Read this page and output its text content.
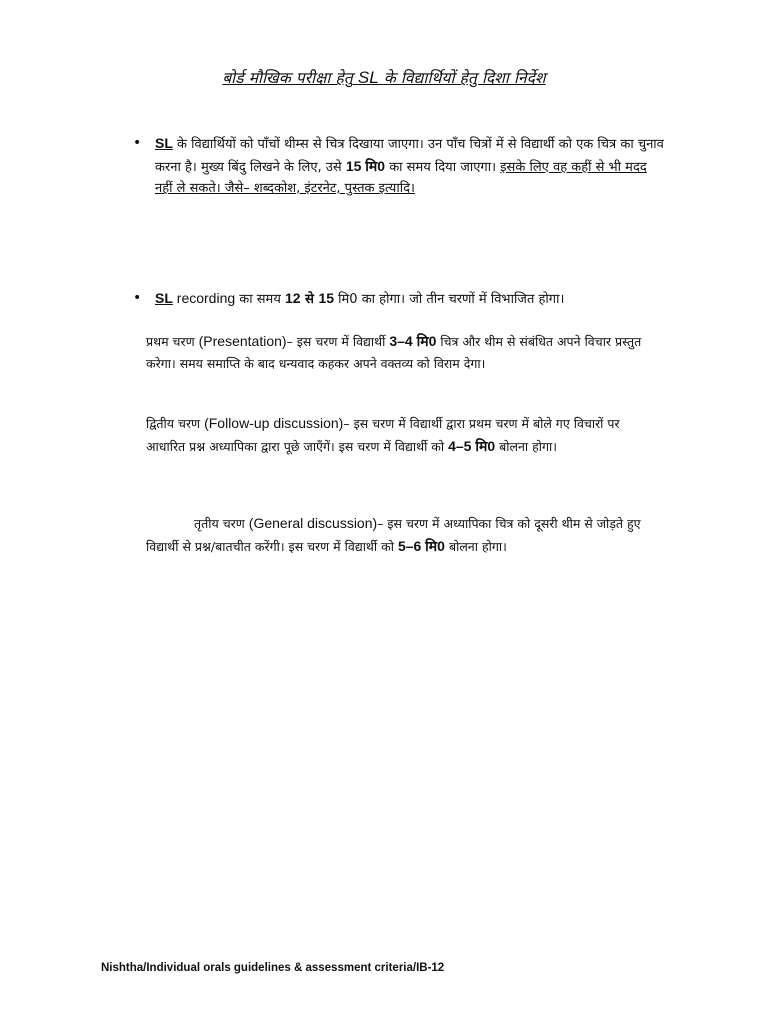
बोर्ड मौखिक परीक्षा हेतु SL के विद्यार्थियों हेतु दिशा निर्देश
• SL के विद्यार्थियों को पाँचों थीम्स से चित्र दिखाया जाएगा। उन पाँच चित्रों में से विद्यार्थी को एक चित्र का चुनाव करना है। मुख्य बिंदु लिखने के लिए, उसे 15 मि0 का समय दिया जाएगा। इसके लिए वह कहीं से भी मदद नहीं ले सकते। जैसे– शब्दकोश, इंटरनेट, पुस्तक इत्यादि।
• SL recording का समय 12 से 15 मि0 का होगा। जो तीन चरणों में विभाजित होगा।
प्रथम चरण (Presentation)– इस चरण में विद्यार्थी 3–4 मि0 चित्र और थीम से संबंधित अपने विचार प्रस्तुत करेगा। समय समाप्ति के बाद धन्यवाद कहकर अपने वक्तव्य को विराम देगा।
द्वितीय चरण (Follow-up discussion)– इस चरण में विद्यार्थी द्वारा प्रथम चरण में बोले गए विचारों पर आधारित प्रश्न अध्यापिका द्वारा पूछे जाएँगें। इस चरण में विद्यार्थी को 4–5 मि0 बोलना होगा।
तृतीय चरण (General discussion)– इस चरण में अध्यापिका चित्र को दूसरी थीम से जोड़ते हुए विद्यार्थी से प्रश्न/बातचीत करेंगी। इस चरण में विद्यार्थी को 5–6 मि0 बोलना होगा।
Nishtha/Individual orals guidelines & assessment criteria/IB-12
